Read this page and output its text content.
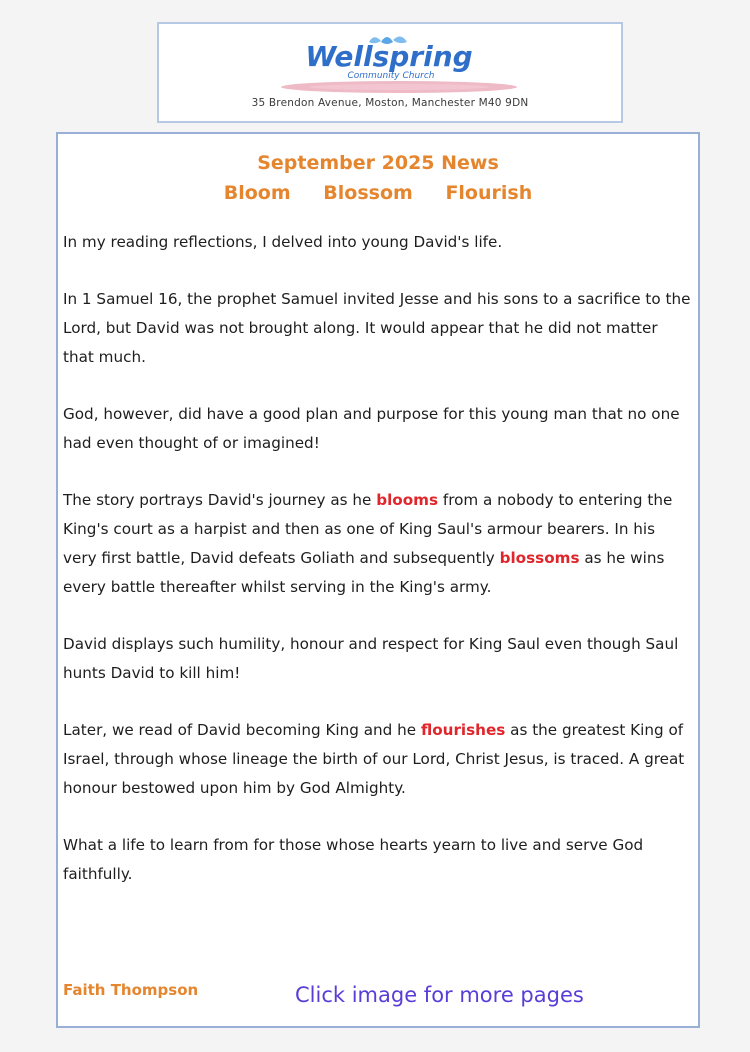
Wellspring
Community Church
35 Brendon Avenue, Moston, Manchester M40 9DN
September 2025 News
Bloom Blossom Flourish

In my reading reflections, I delved into young David's life.

In 1 Samuel 16, the prophet Samuel invited Jesse and his sons to a sacrifice to the Lord, but David was not brought along. It would appear that he did not matter that much.

God, however, did have a good plan and purpose for this young man that no one had even thought of or imagined!

The story portrays David's journey as he blooms from a nobody to entering the King's court as a harpist and then as one of King Saul's armour bearers. In his very first battle, David defeats Goliath and subsequently blossoms as he wins every battle thereafter whilst serving in the King's army.

David displays such humility, honour and respect for King Saul even though Saul hunts David to kill him!

Later, we read of David becoming King and he flourishes as the greatest King of Israel, through whose lineage the birth of our Lord, Christ Jesus, is traced. A great honour bestowed upon him by God Almighty.

What a life to learn from for those whose hearts yearn to live and serve God faithfully.

Faith Thompson	Click image for more pages
